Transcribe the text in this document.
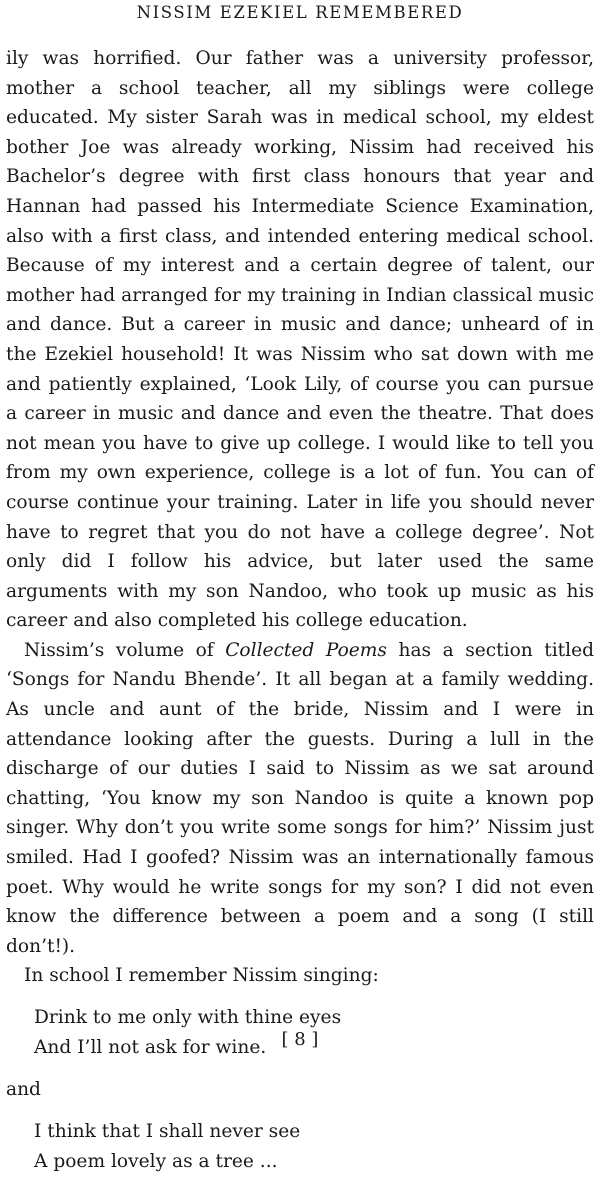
NISSIM EZEKIEL REMEMBERED

ily was horrified. Our father was a university professor, mother a school teacher, all my siblings were college educated. My sister Sarah was in medical school, my eldest bother Joe was already working, Nissim had received his Bachelor’s degree with first class honours that year and Hannan had passed his Intermediate Science Examination, also with a first class, and intended entering medical school. Because of my interest and a certain degree of talent, our mother had arranged for my training in Indian classical music and dance. But a career in music and dance; unheard of in the Ezekiel household! It was Nissim who sat down with me and patiently explained, ‘Look Lily, of course you can pursue a career in music and dance and even the theatre. That does not mean you have to give up college. I would like to tell you from my own experience, college is a lot of fun. You can of course continue your training. Later in life you should never have to regret that you do not have a college degree’. Not only did I follow his advice, but later used the same arguments with my son Nandoo, who took up music as his career and also completed his college education.

Nissim’s volume of Collected Poems has a section titled ‘Songs for Nandu Bhende’. It all began at a family wedding. As uncle and aunt of the bride, Nissim and I were in attendance looking after the guests. During a lull in the discharge of our duties I said to Nissim as we sat around chatting, ‘You know my son Nandoo is quite a known pop singer. Why don’t you write some songs for him?’ Nissim just smiled. Had I goofed? Nissim was an internationally famous poet. Why would he write songs for my son? I did not even know the difference between a poem and a song (I still don’t!).

In school I remember Nissim singing:

Drink to me only with thine eyes
And I’ll not ask for wine.

and

I think that I shall never see
A poem lovely as a tree ...
[ 8 ]
